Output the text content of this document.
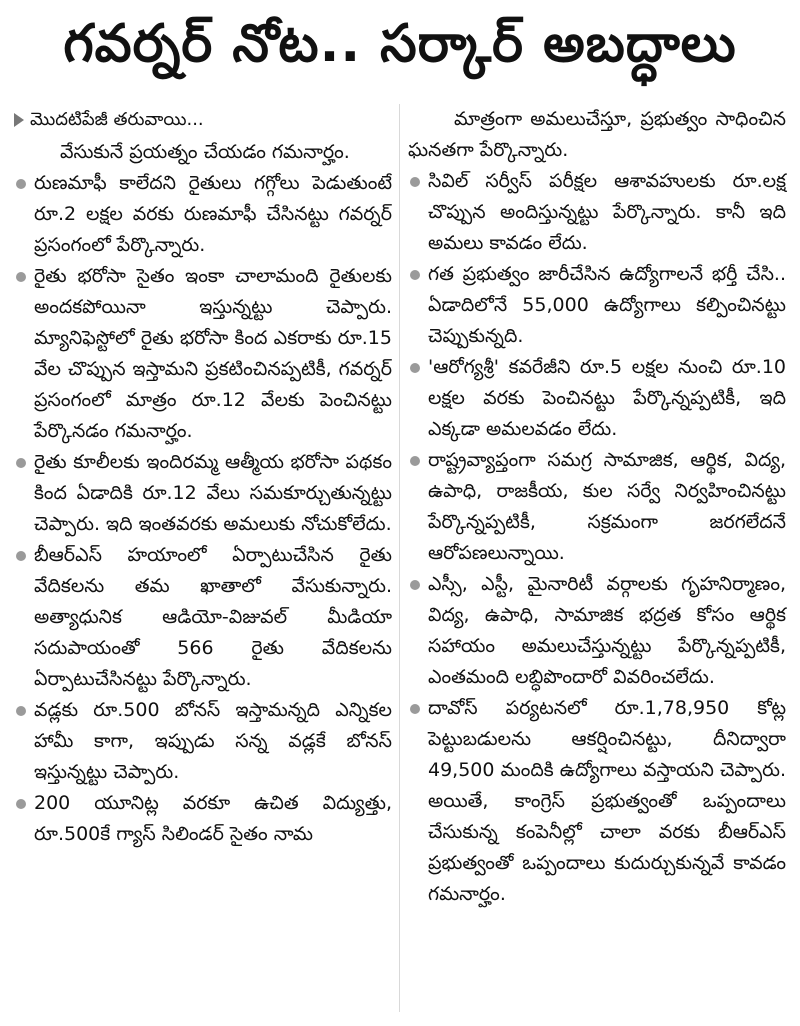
గవర్నర్ నోట.. సర్కార్ అబద్ధాలు
మొదటిపేజీ తరువాయి...

వేసుకునే ప్రయత్నం చేయడం గమనార్హం.

రుణమాఫీ కాలేదని రైతులు గగ్గోలు పెడుతుంటే రూ.2 లక్షల వరకు రుణమాఫీ చేసినట్టు గవర్నర్ ప్రసంగంలో పేర్కొన్నారు.

రైతు భరోసా సైతం ఇంకా చాలామంది రైతులకు అందకపోయినా ఇస్తున్నట్టు చెప్పారు. మ్యానిఫెస్టోలో రైతు భరోసా కింద ఎకరాకు రూ.15 వేల చొప్పున ఇస్తామని ప్రకటించినప్పటికీ, గవర్నర్ ప్రసంగంలో మాత్రం రూ.12 వేలకు పెంచినట్టు పేర్కొనడం గమనార్హం.

రైతు కూలీలకు ఇందిరమ్మ ఆత్మీయ భరోసా పథకం కింద ఏడాదికి రూ.12 వేలు సమకూర్చుతున్నట్టు చెప్పారు. ఇది ఇంతవరకు అమలుకు నోచుకోలేదు.

బీఆర్ఎస్ హయాంలో ఏర్పాటుచేసిన రైతు వేదికలను తమ ఖాతాలో వేసుకున్నారు. అత్యాధునిక ఆడియో-విజువల్ మీడియా సదుపాయంతో 566 రైతు వేదికలను ఏర్పాటుచేసినట్టు పేర్కొన్నారు.

వడ్లకు రూ.500 బోనస్ ఇస్తామన్నది ఎన్నికల హామీ కాగా, ఇప్పుడు సన్న వడ్లకే బోనస్ ఇస్తున్నట్టు చెప్పారు.

200 యూనిట్ల వరకూ ఉచిత విద్యుత్తు, రూ.500కే గ్యాస్ సిలిండర్ సైతం నామ

మాత్రంగా అమలుచేస్తూ, ప్రభుత్వం సాధించిన ఘనతగా పేర్కొన్నారు.

సివిల్ సర్వీస్ పరీక్షల ఆశావహులకు రూ.లక్ష చొప్పున అందిస్తున్నట్టు పేర్కొన్నారు. కానీ ఇది అమలు కావడం లేదు.

గత ప్రభుత్వం జారీచేసిన ఉద్యోగాలనే భర్తీ చేసి.. ఏడాదిలోనే 55,000 ఉద్యోగాలు కల్పించినట్టు చెప్పుకున్నది.

'ఆరోగ్యశ్రీ' కవరేజీని రూ.5 లక్షల నుంచి రూ.10 లక్షల వరకు పెంచినట్టు పేర్కొన్నప్పటికీ, ఇది ఎక్కడా అమలవడం లేదు.

రాష్ట్రవ్యాప్తంగా సమగ్ర సామాజిక, ఆర్థిక, విద్య, ఉపాధి, రాజకీయ, కుల సర్వే నిర్వహించినట్టు పేర్కొన్నప్పటికీ, సక్రమంగా జరగలేదనే ఆరోపణలున్నాయి.

ఎస్సీ, ఎస్టీ, మైనారిటీ వర్గాలకు గృహనిర్మాణం, విద్య, ఉపాధి, సామాజిక భద్రత కోసం ఆర్థిక సహాయం అమలుచేస్తున్నట్టు పేర్కొన్నప్పటికీ, ఎంతమంది లబ్ధిపొందారో వివరించలేదు.

దావోస్ పర్యటనలో రూ.1,78,950 కోట్ల పెట్టుబడులను ఆకర్షించినట్టు, దీనిద్వారా 49,500 మందికి ఉద్యోగాలు వస్తాయని చెప్పారు. అయితే, కాంగ్రెస్ ప్రభుత్వంతో ఒప్పందాలు చేసుకున్న కంపెనీల్లో చాలా వరకు బీఆర్ఎస్ ప్రభుత్వంతో ఒప్పందాలు కుదుర్చుకున్నవే కావడం గమనార్హం.
